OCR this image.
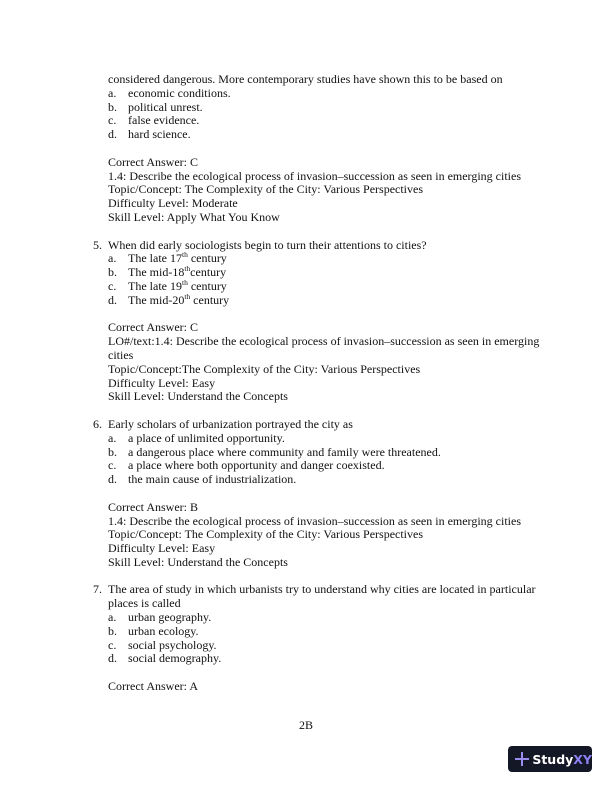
considered dangerous. More contemporary studies have shown this to be based on
a. economic conditions.
b. political unrest.
c. false evidence.
d. hard science.
Correct Answer: C
1.4: Describe the ecological process of invasion–succession as seen in emerging cities
Topic/Concept: The Complexity of the City: Various Perspectives
Difficulty Level: Moderate
Skill Level: Apply What You Know
5. When did early sociologists begin to turn their attentions to cities?
a. The late 17th century
b. The mid-18thcentury
c. The late 19th century
d. The mid-20th century
Correct Answer: C
LO#/text:1.4: Describe the ecological process of invasion–succession as seen in emerging cities
Topic/Concept:The Complexity of the City: Various Perspectives
Difficulty Level: Easy
Skill Level: Understand the Concepts
6. Early scholars of urbanization portrayed the city as
a. a place of unlimited opportunity.
b. a dangerous place where community and family were threatened.
c. a place where both opportunity and danger coexisted.
d. the main cause of industrialization.
Correct Answer: B
1.4: Describe the ecological process of invasion–succession as seen in emerging cities
Topic/Concept: The Complexity of the City: Various Perspectives
Difficulty Level: Easy
Skill Level: Understand the Concepts
7. The area of study in which urbanists try to understand why cities are located in particular places is called
a. urban geography.
b. urban ecology.
c. social psychology.
d. social demography.
Correct Answer: A
2B
Study XY
